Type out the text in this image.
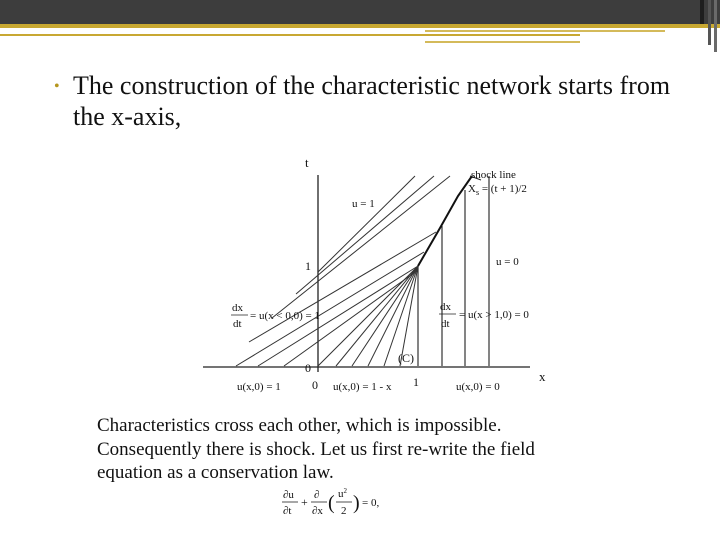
• The construction of the characteristic network starts from the x-axis,
t
x
1
1
0
0
shock line
$X_s = (t + 1)/2$
u = 1
u = 0
dx
dt
= u(x < 0,0) = 1
dx
dt
= u(x > 1,0) = 0
(C)
u(x,0) = 1	u(x,0) = 1 - x	u(x,0) = 0
Characteristics cross each other, which is impossible.
Consequently there is shock. Let us first re-write the field
equation as a conservation law.
∂u
∂t
+ ∂
∂x ( $u^2$
2 ) = 0,
